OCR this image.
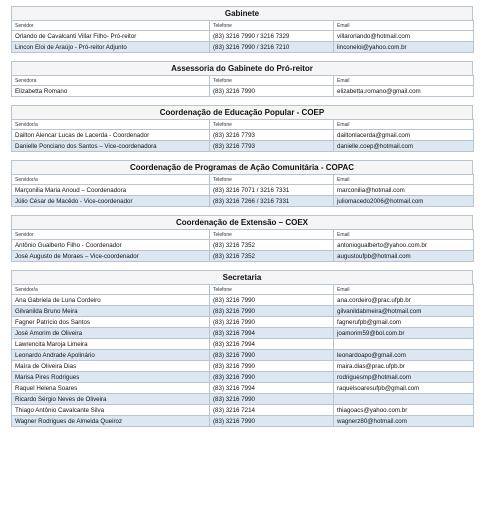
Gabinete
Servidor	Telefone	Email
Orlando de Cavalcanti Villar Filho- Pró-reitor	(83) 3216 7990 / 3216 7329	villarorlando@hotmail.com
Lincon Eloi de Araújo - Pró-reitor Adjunto	(83) 3216 7990 / 3216 7210	linconeloi@yahoo.com.br
Assessoria do Gabinete do Pró-reitor
Servidora	Telefone	Email
Elizabetta Romano	(83) 3216 7990	elizabetta.romano@gmail.com
Coordenação de Educação Popular - COEP
Servidor/a	Telefone	Email
Dailton Alencar Lucas de Lacerda - Coordenador	(83) 3216 7793	dailtonlacerda@gmail.com
Danielle Ponciano dos Santos – Vice-coordenadora	(83) 3216 7793	danielle.coep@hotmail.com
Coordenação de Programas de Ação Comunitária - COPAC
Servidor/a	Telefone	Email
Marçonilia Maria Anoud – Coordenadora	(83) 3216 7071 / 3216 7331	marconilia@hotmail.com
Júlio César de Macêdo - Vice-coordenador	(83) 3216 7266 / 3216 7331	juliomacedo2006@hotmail.com
Coordenação de Extensão – COEX
Servidor	Telefone	Email
Antônio Gualberto Filho - Coordenador	(83) 3216 7352	antoniogualberto@yahoo.com.br
José Augusto de Moraes – Vice-coordenador	(83) 3216 7352	augustoufpb@hotmail.com
Secretaria
Servidor/a	Telefone	Email
Ana Gabriela de Luna Cordeiro	(83) 3216 7990	ana.cordeiro@prac.ufpb.br
Gilvanilda Bruno Meira	(83) 3216 7990	gilvanildabmeira@hotmail.com
Fagner Patrício dos Santos	(83) 3216 7990	fagnerufpb@gmail.com
José Amorim de Oliveira	(83) 3216 7994	joamorim59@bol.com.br
Lawrencita Maroja Limeira	(83) 3216 7994	
Leonardo Andrade Apolinário	(83) 3216 7990	leonardoapo@gmail.com
Maíra de Oliveira Dias	(83) 3216 7990	maira.dias@prac.ufpb.br
Marisa Pires Rodrigues	(83) 3216 7990	rodriguesmp@hotmail.com
Raquel Helena Soares	(83) 3216 7994	raquelsoaresufpb@gmail.com
Ricardo Sérgio Neves de Oliveira	(83) 3216 7990	
Thiago Antônio Cavalcante Silva	(83) 3216 7214	thiagoacs@yahoo.com.br
Wagner Rodrigues de Almeida Queiroz	(83) 3216 7990	wagnerz80@hotmail.com
